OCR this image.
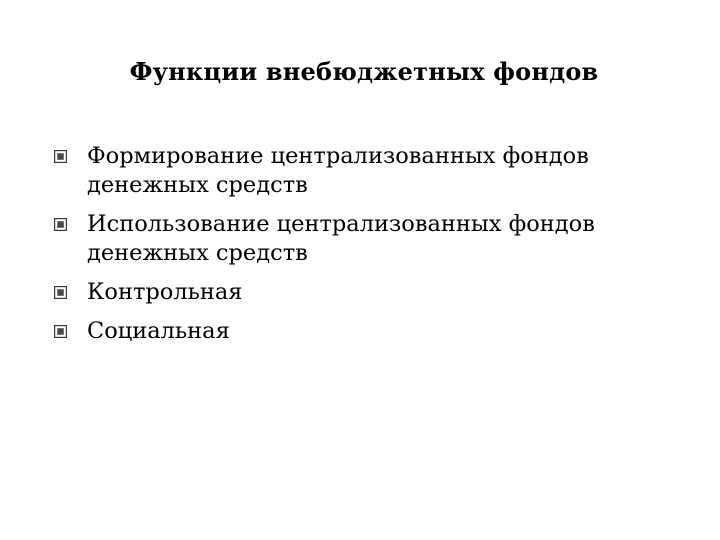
Функции внебюджетных фондов
Формирование централизованных фондов денежных средств
Использование централизованных фондов денежных средств
Контрольная
Социальная
